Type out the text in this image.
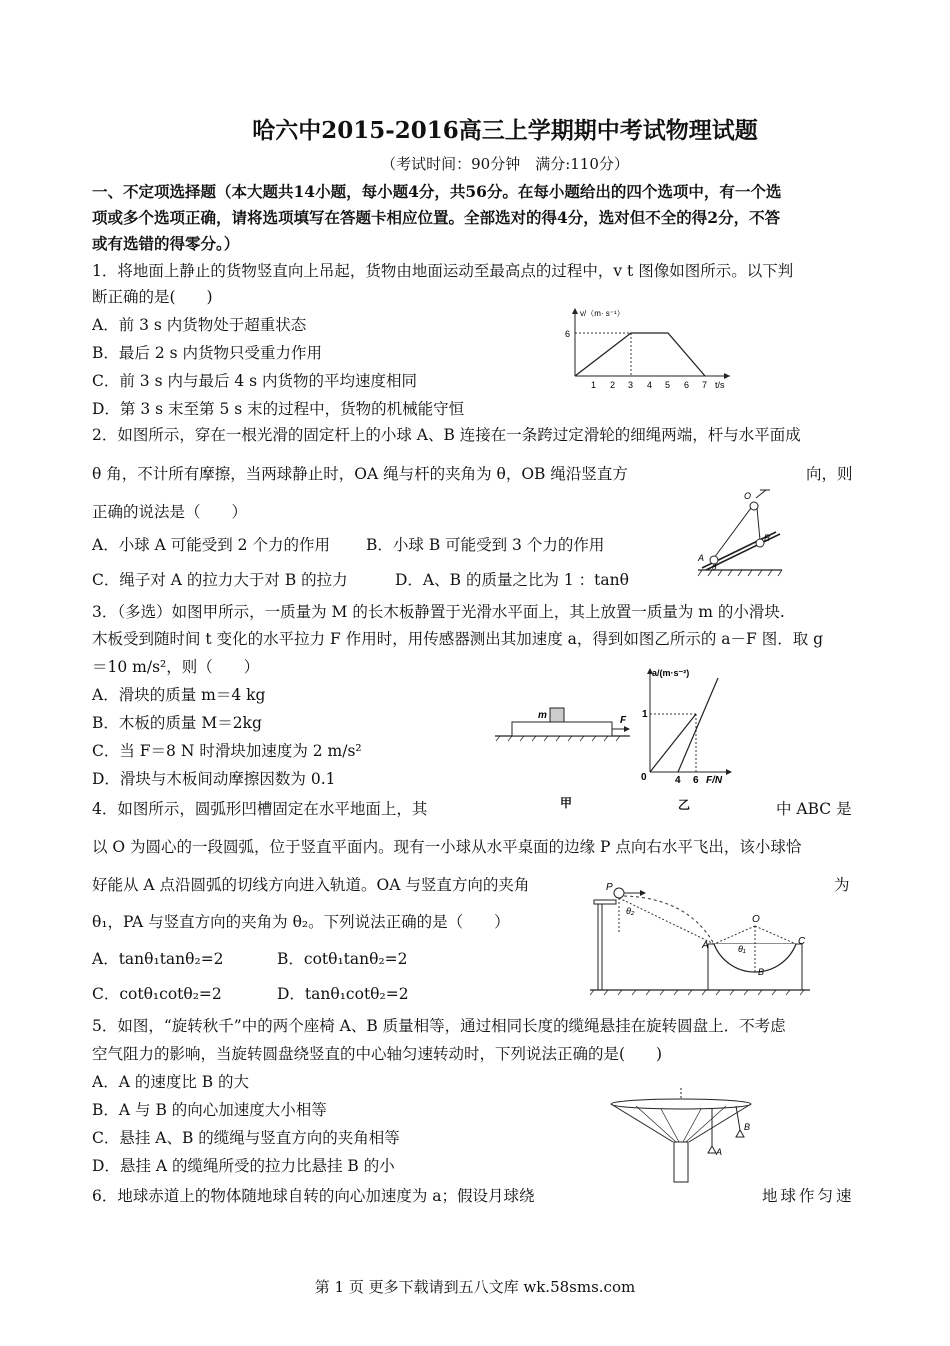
哈六中2015-2016高三上学期期中考试物理试题
（考试时间：90分钟　满分:110分）
一、不定项选择题（本大题共14小题，每小题4分，共56分。在每小题给出的四个选项中，有一个选
项或多个选项正确，请将选项填写在答题卡相应位置。全部选对的得4分，选对但不全的得2分，不答
或有选错的得零分。）
1．将地面上静止的货物竖直向上吊起，货物由地面运动至最高点的过程中，v t 图像如图所示。以下判
断正确的是(　　)
A．前 3 s 内货物处于超重状态
B．最后 2 s 内货物只受重力作用
C．前 3 s 内与最后 4 s 内货物的平均速度相同
D．第 3 s 末至第 5 s 末的过程中，货物的机械能守恒
v/（m· s⁻¹）
6
1 2 3 4 5 6 7 t/s
2．如图所示，穿在一根光滑的固定杆上的小球 A、B 连接在一条跨过定滑轮的细绳两端，杆与水平面成
θ 角，不计所有摩擦，当两球静止时，OA 绳与杆的夹角为 θ，OB 绳沿竖直方	向，则
正确的说法是（　　）
A．小球 A 可能受到 2 个力的作用 B．小球 B 可能受到 3 个力的作用
C．绳子对 A 的拉力大于对 B 的拉力	D．A、B 的质量之比为 1 ：tanθ
O
A
B
θ
3．（多选）如图甲所示，一质量为 M 的长木板静置于光滑水平面上，其上放置一质量为 m 的小滑块.
木板受到随时间 t 变化的水平拉力 F 作用时，用传感器测出其加速度 a，得到如图乙所示的 a－F 图．取 g
＝10 m/s²，则（　　）
A．滑块的质量 m＝4 kg
B．木板的质量 M＝2kg
C．当 F＝8 N 时滑块加速度为 2 m/s²
D．滑块与木板间动摩擦因数为 0.1
m	F
a/(m·s⁻²)
1
0	4 6 F/N
甲	乙
4．如图所示，圆弧形凹槽固定在水平地面上，其	中 ABC 是
以 O 为圆心的一段圆弧，位于竖直平面内。现有一小球从水平桌面的边缘 P 点向右水平飞出，该小球恰
好能从 A 点沿圆弧的切线方向进入轨道。OA 与竖直方向的夹角	为
θ₁，PA 与竖直方向的夹角为 θ₂。下列说法正确的是（　　）
A．tanθ₁tanθ₂=2	B．cotθ₁tanθ₂=2
C．cotθ₁cotθ₂=2	D．tanθ₁cotθ₂=2
P
O
A
B
C
θ₁
θ₂
5．如图，“旋转秋千”中的两个座椅 A、B 质量相等，通过相同长度的缆绳悬挂在旋转圆盘上．不考虑
空气阻力的影响，当旋转圆盘绕竖直的中心轴匀速转动时，下列说法正确的是(　　)
A．A 的速度比 B 的大
B．A 与 B 的向心加速度大小相等
C．悬挂 A、B 的缆绳与竖直方向的夹角相等
D．悬挂 A 的缆绳所受的拉力比悬挂 B 的小
A
B
6．地球赤道上的物体随地球自转的向心加速度为 a；假设月球绕	地球作匀速
第 1 页 更多下载请到五八文库 wk.58sms.com
